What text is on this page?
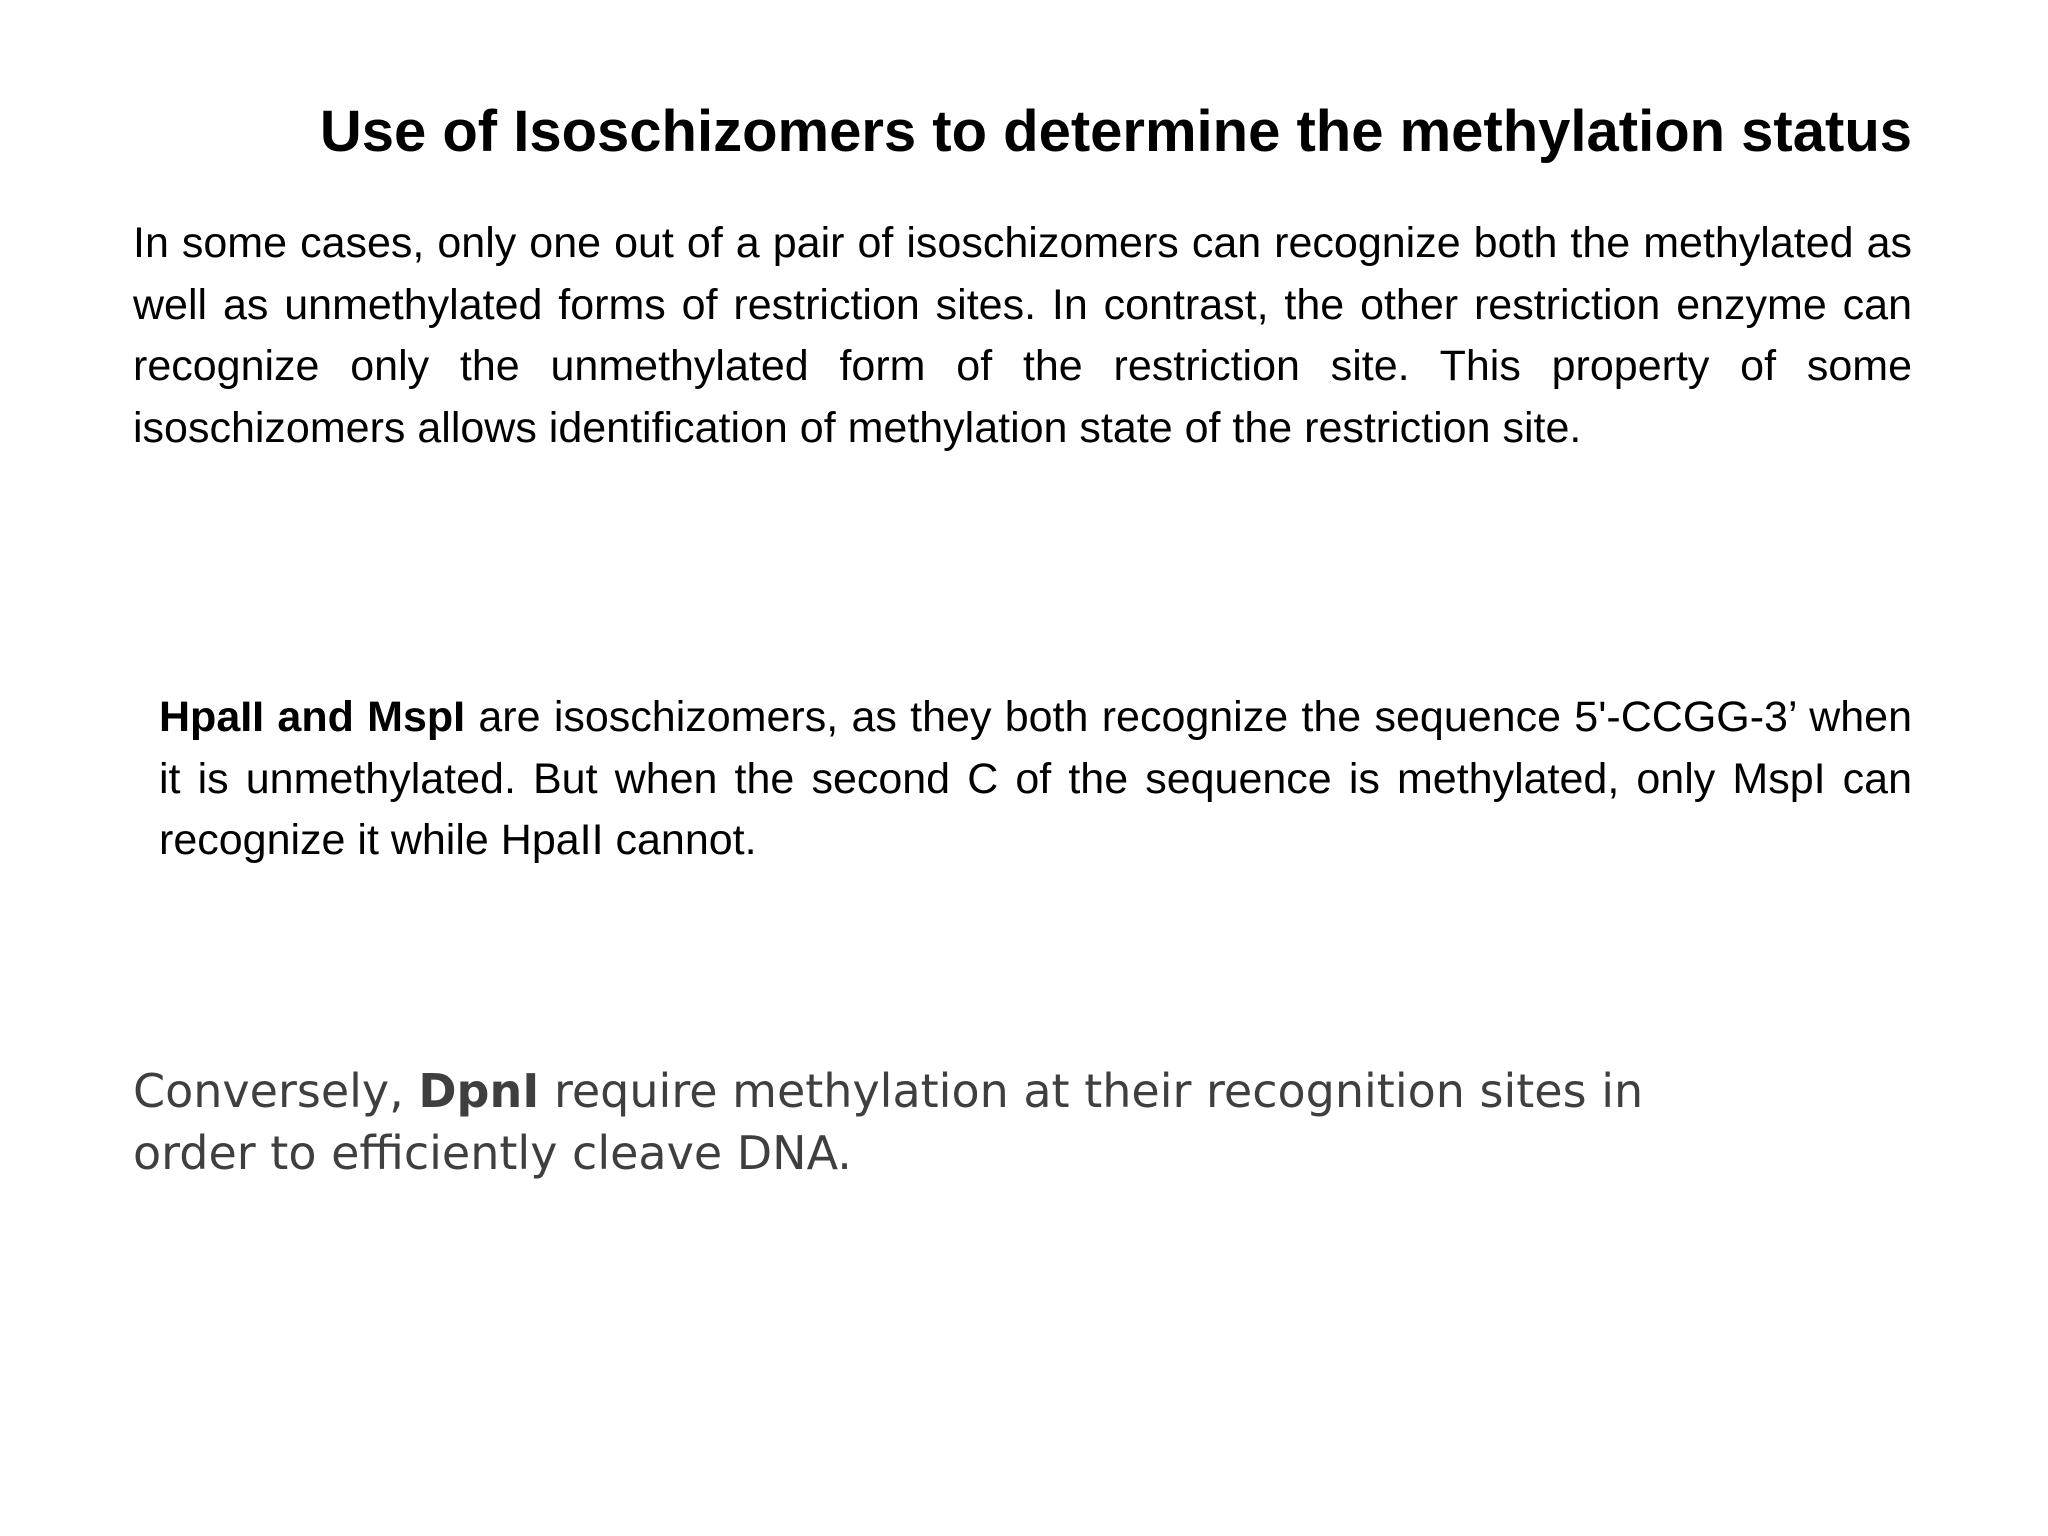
Use of Isoschizomers to determine the methylation status

In some cases, only one out of a pair of isoschizomers can recognize both the methylated as well as unmethylated forms of restriction sites. In contrast, the other restriction enzyme can recognize only the unmethylated form of the restriction site. This property of some isoschizomers allows identification of methylation state of the restriction site.

HpaII and MspI are isoschizomers, as they both recognize the sequence 5'-CCGG-3’ when it is unmethylated. But when the second C of the sequence is methylated, only MspI can recognize it while HpaII cannot.

Conversely, DpnI require methylation at their recognition sites in order to efficiently cleave DNA.
